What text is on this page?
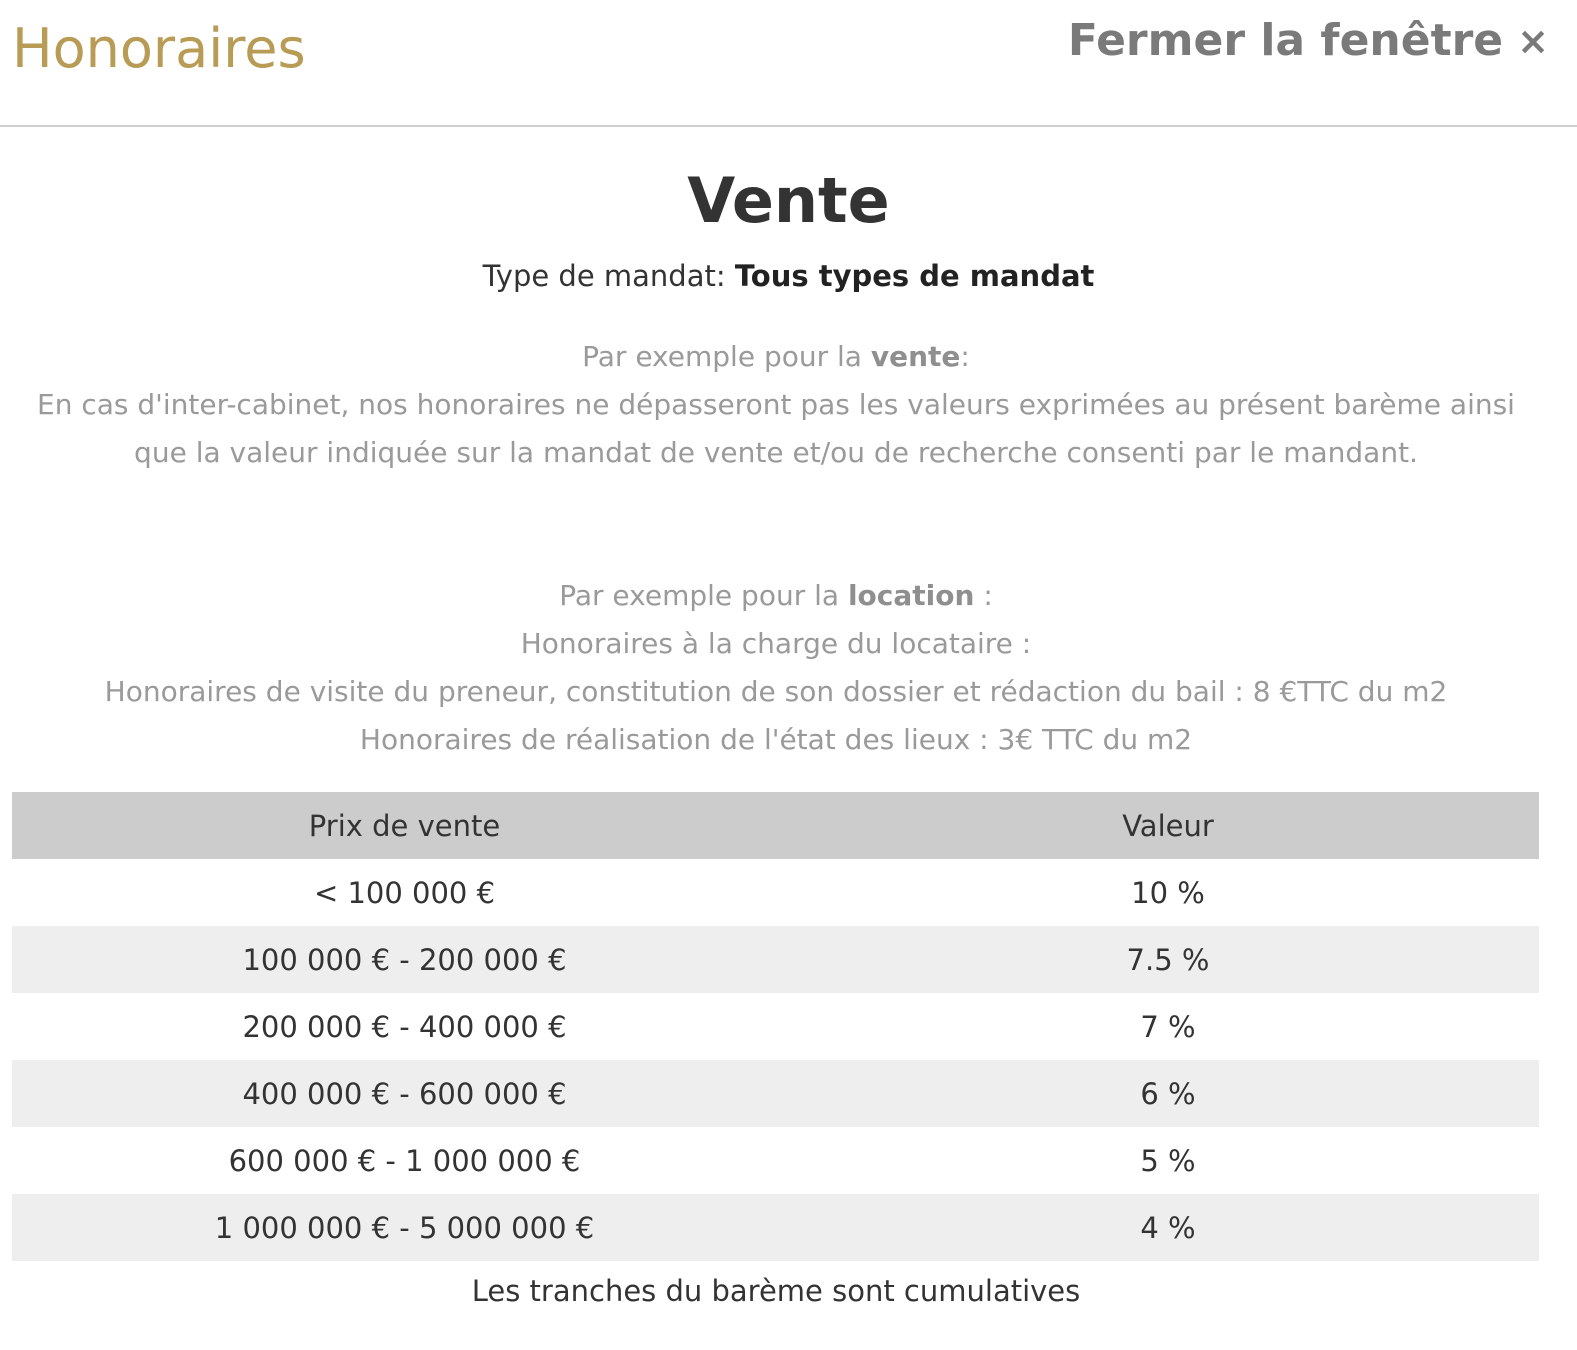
Honoraires	Fermer la fenêtre ×
Vente
Type de mandat: Tous types de mandat
Par exemple pour la vente:
En cas d'inter-cabinet, nos honoraires ne dépasseront pas les valeurs exprimées au présent barème ainsi que la valeur indiquée sur la mandat de vente et/ou de recherche consenti par le mandant.
Par exemple pour la location :
Honoraires à la charge du locataire :
Honoraires de visite du preneur, constitution de son dossier et rédaction du bail : 8 €TTC du m2
Honoraires de réalisation de l'état des lieux : 3€ TTC du m2
Prix de vente	Valeur
< 100 000 €	10 %
100 000 € - 200 000 €	7.5 %
200 000 € - 400 000 €	7 %
400 000 € - 600 000 €	6 %
600 000 € - 1 000 000 €	5 %
1 000 000 € - 5 000 000 €	4 %
Les tranches du barème sont cumulatives
